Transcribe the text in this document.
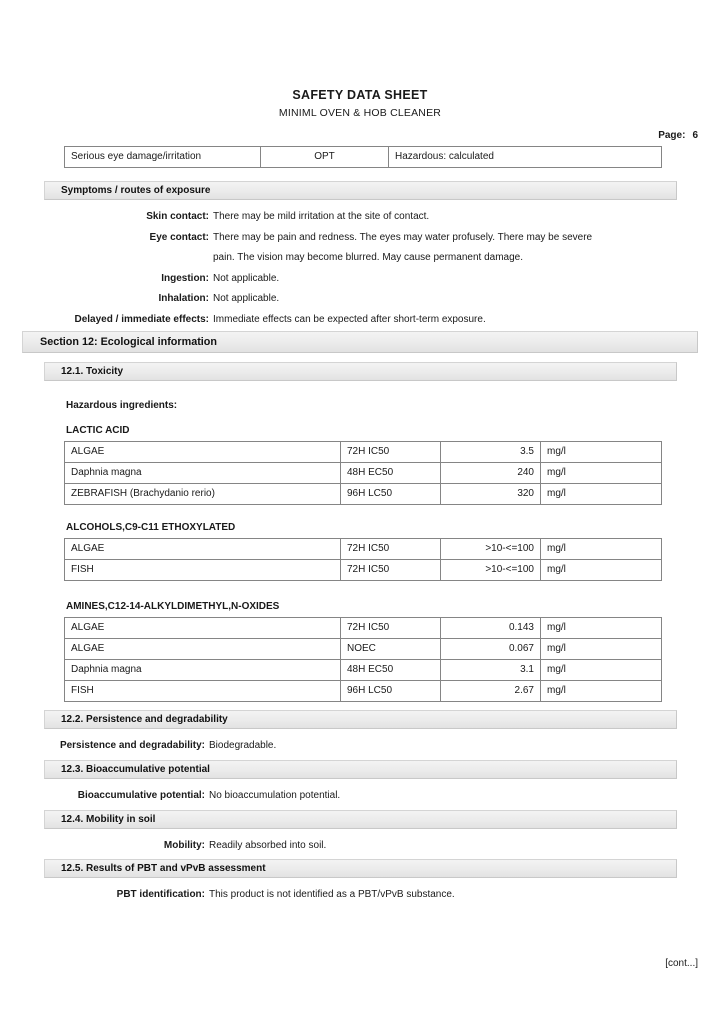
SAFETY DATA SHEET
MINIML OVEN & HOB CLEANER
Page: 6
Serious eye damage/irritation	OPT	Hazardous: calculated
Symptoms / routes of exposure
Skin contact: There may be mild irritation at the site of contact.
Eye contact: There may be pain and redness. The eyes may water profusely. There may be severe
pain. The vision may become blurred. May cause permanent damage.
Ingestion: Not applicable.
Inhalation: Not applicable.
Delayed / immediate effects: Immediate effects can be expected after short-term exposure.
Section 12: Ecological information
12.1. Toxicity
Hazardous ingredients:
LACTIC ACID
ALGAE	72H IC50	3.5	mg/l
Daphnia magna	48H EC50	240	mg/l
ZEBRAFISH (Brachydanio rerio)	96H LC50	320	mg/l
ALCOHOLS,C9-C11 ETHOXYLATED
ALGAE	72H IC50	>10-<=100	mg/l
FISH	72H IC50	>10-<=100	mg/l
AMINES,C12-14-ALKYLDIMETHYL,N-OXIDES
ALGAE	72H IC50	0.143	mg/l
ALGAE	NOEC	0.067	mg/l
Daphnia magna	48H EC50	3.1	mg/l
FISH	96H LC50	2.67	mg/l
12.2. Persistence and degradability
Persistence and degradability: Biodegradable.
12.3. Bioaccumulative potential
Bioaccumulative potential: No bioaccumulation potential.
12.4. Mobility in soil
Mobility: Readily absorbed into soil.
12.5. Results of PBT and vPvB assessment
PBT identification: This product is not identified as a PBT/vPvB substance.
[cont...]
